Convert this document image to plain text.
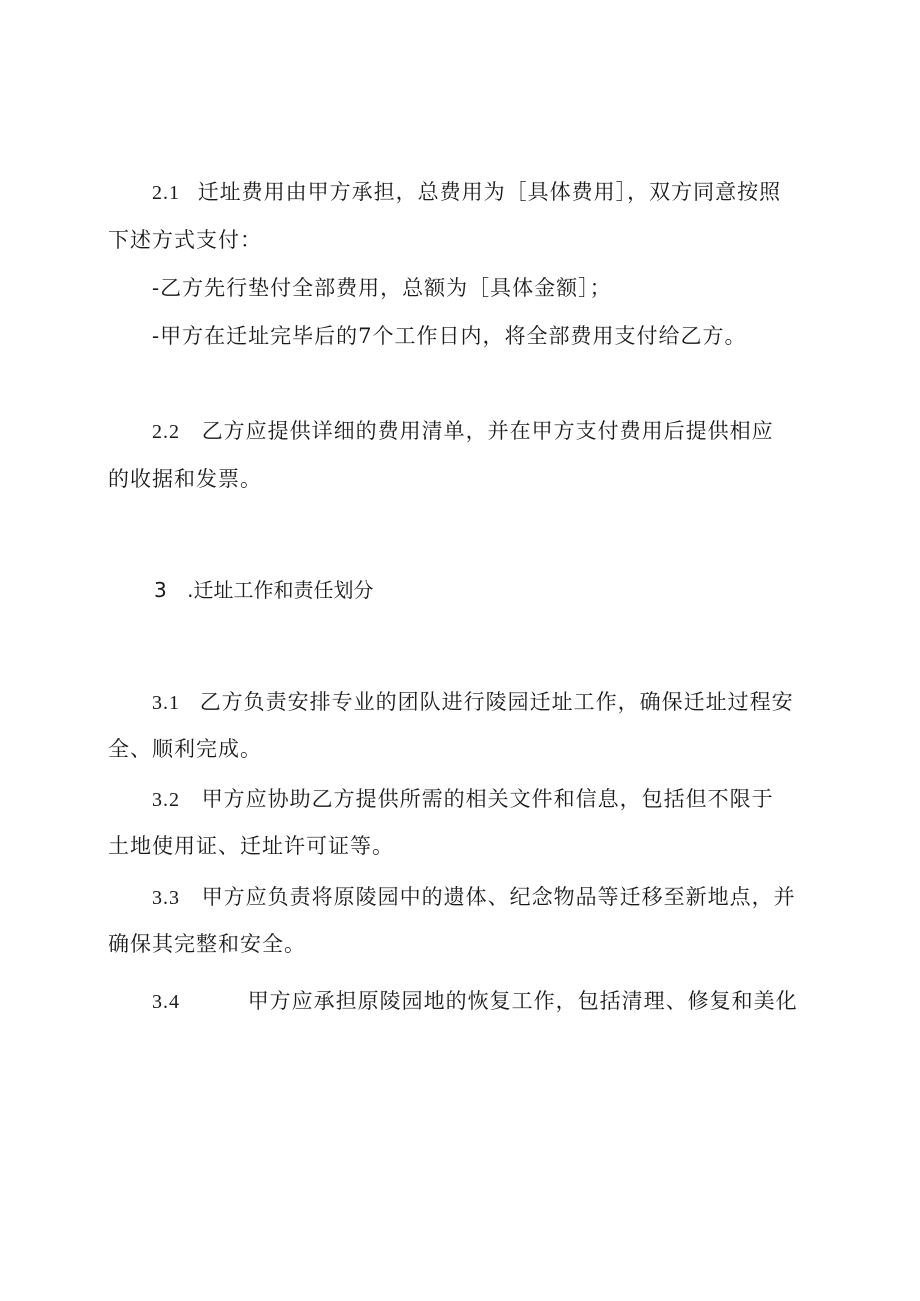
2.1 迁址费用由甲方承担，总费用为［具体费用］，双方同意按照
下述方式支付：
-乙方先行垫付全部费用，总额为［具体金额］；
-甲方在迁址完毕后的7个工作日内，将全部费用支付给乙方。
2.2 乙方应提供详细的费用清单，并在甲方支付费用后提供相应
的收据和发票。
3 .迁址工作和责任划分
3.1 乙方负责安排专业的团队进行陵园迁址工作，确保迁址过程安
全、顺利完成。
3.2 甲方应协助乙方提供所需的相关文件和信息，包括但不限于
土地使用证、迁址许可证等。
3.3 甲方应负责将原陵园中的遗体、纪念物品等迁移至新地点，并
确保其完整和安全。
3.4	甲方应承担原陵园地的恢复工作，包括清理、修复和美化
